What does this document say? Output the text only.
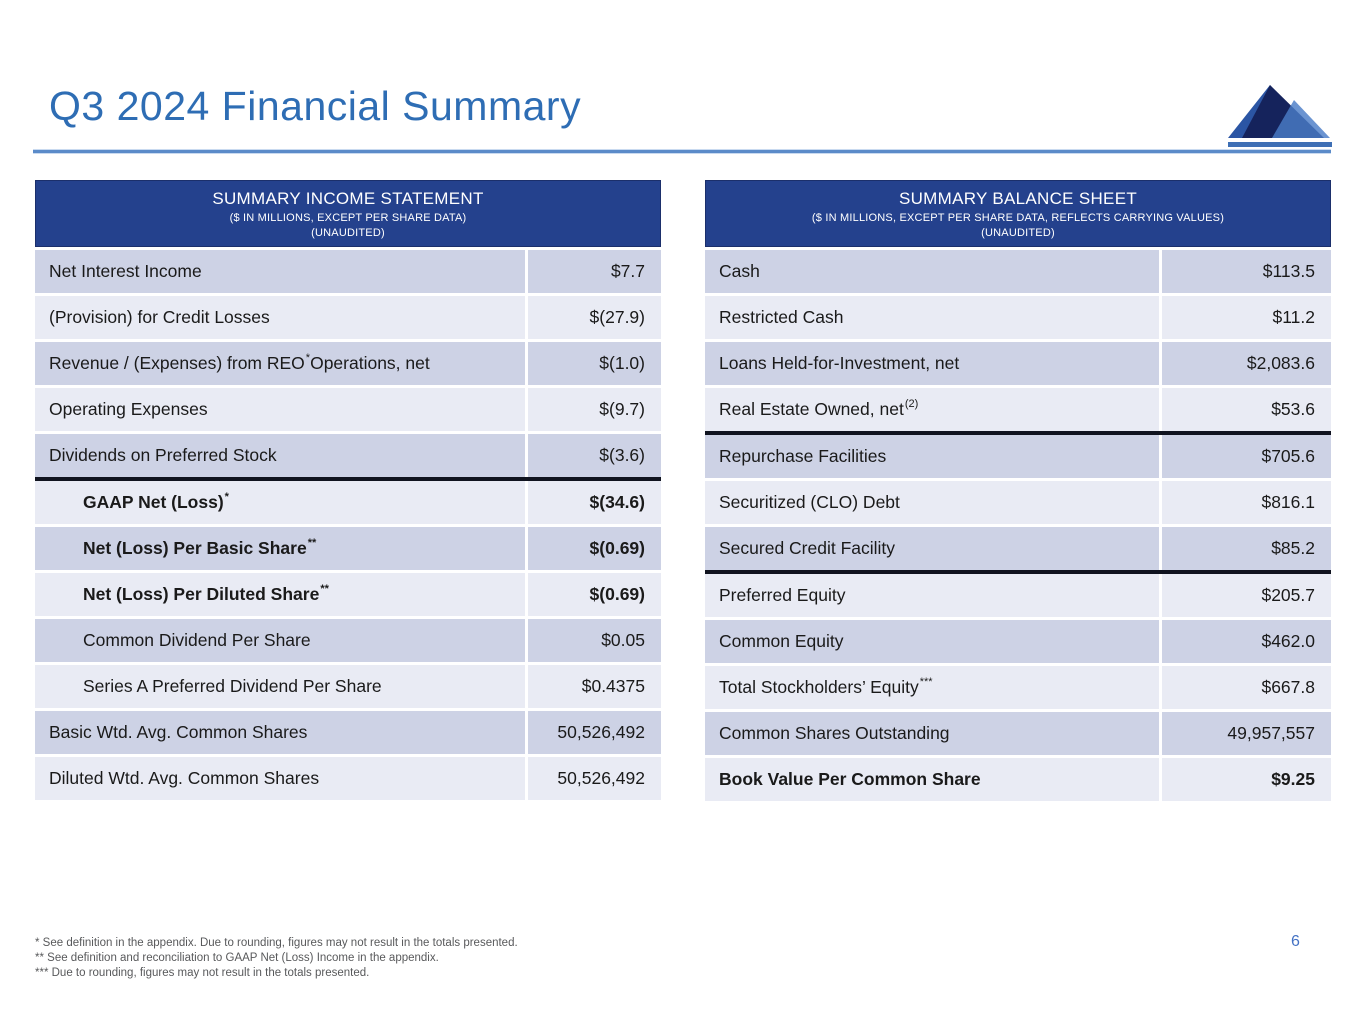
Q3 2024 Financial Summary
SUMMARY INCOME STATEMENT
($ IN MILLIONS, EXCEPT PER SHARE DATA)
(UNAUDITED)
Net Interest Income	$7.7
(Provision) for Credit Losses	$(27.9)
Revenue / (Expenses) from REO* Operations, net	$(1.0)
Operating Expenses	$(9.7)
Dividends on Preferred Stock	$(3.6)
GAAP Net (Loss)*	$(34.6)
Net (Loss) Per Basic Share**	$(0.69)
Net (Loss) Per Diluted Share**	$(0.69)
Common Dividend Per Share	$0.05
Series A Preferred Dividend Per Share	$0.4375
Basic Wtd. Avg. Common Shares	50,526,492
Diluted Wtd. Avg. Common Shares	50,526,492
SUMMARY BALANCE SHEET
($ IN MILLIONS, EXCEPT PER SHARE DATA, REFLECTS CARRYING VALUES)
(UNAUDITED)
Cash	$113.5
Restricted Cash	$11.2
Loans Held-for-Investment, net	$2,083.6
Real Estate Owned, net$^{(2)}$	$53.6
Repurchase Facilities	$705.6
Securitized (CLO) Debt	$816.1
Secured Credit Facility	$85.2
Preferred Equity	$205.7
Common Equity	$462.0
Total Stockholders’ Equity***	$667.8
Common Shares Outstanding	49,957,557
Book Value Per Common Share	$9.25
* See definition in the appendix. Due to rounding, figures may not result in the totals presented.
** See definition and reconciliation to GAAP Net (Loss) Income in the appendix.
*** Due to rounding, figures may not result in the totals presented.
6
